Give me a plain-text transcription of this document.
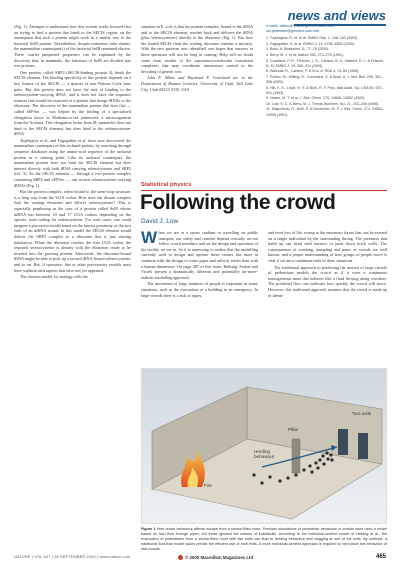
news and views

(Fig. 1). Attempts to understand how this system works focused first on trying to find a protein that binds to the SECIS region, on the assumption that such a protein might work in a similar way to the bacterial SelB protein. Nevertheless, despite numerous false alarms, the mammalian counterpart(s) of the bacterial SelB remained elusive. These 'scarlet pimpernel' properties can be explained by the discovery that, in mammals, the functions of SelB are divided into two proteins.

One protein, called SBP2 (SECIS-binding protein 2), binds the SECIS element. The binding specificity of this protein depends on a key feature of the SECIS — a quartet of non-Watson–Crick base pairs. But this protein does not have the task of binding to the selenocysteine-carrying tRNA, and it does not have the sequence features that would be expected of a protein that brings tRNAs to the ribosome. The discovery of the mammalian protein that does this — called eEFSec — was helped by the finding of a specialized elongation factor in Methanococcus jannaschii, a microorganism from the Archaea. This elongation factor from M. jannaschii does not bind to the SECIS element, but does bind to the selenocysteine-tRNA.

Tujebajeva et al. and Fagegaltier et al. have now discovered the mammalian counterpart of this archaeal protein, by searching through sequence databases using the amino-acid sequence of the archaeal protein as a starting point. Like its archaeal counterpart, the mammalian protein does not bind the SECIS element but does interact directly with both tRNA carrying selenocysteine and SBP2 (ref. 3). So the SECIS element — through a two-protein complex containing SBP2 and eEFSec — can recruit selenocysteine-carrying tRNAs (Fig. 1).

But the protein complex, when bound to the stem-loop structure, is a long way from the UGA codon. How does the distant complex find the waiting ribosome and deliver selenocysteine? This is especially perplexing in the case of a protein called SelP, whose mRNA has between 10 and 17 UGA codons depending on the species, each coding for selenocysteine. For such cases, one could imagine a processive model based on the known proximity of the two ends of an mRNA strand. In this model the SECIS element would deliver the SBP2 complex to a ribosome that is just starting translation. When the ribosome reaches the first UGA codon, the required selenocysteine is already with the ribosome, ready to be inserted into the growing protein. Afterwards, the ribosome-bound tRNA might be able to pick up a second tRNA-bound selenocysteine, and so on. But, if operative, this or other processivity models must have sophisticated aspects that have not yet appeared.

The obvious model, by analogy with the

situation in E. coli, is that the protein complex, bound to the tRNA and to the SECIS element, reaches back and delivers the tRNA (plus selenocysteine) directly to the ribosome (Fig. 1). But how the loaded SECIS finds the waiting ribosome remains a mystery. With the new proteins now identified, one hopes that answers to these questions will not be long in coming. Help will no doubt come from studies of the supramacro-molecular translation complexes that may coordinate interactions central to the decoding of genetic text.

John F. Atkins and Raymond F. Gesteland are in the Department of Human Genetics, University of Utah, Salt Lake City, Utah 84112-5330, USA.

e-mails: atkins@howard.genetics.utah.edu; ray.gesteland@genetics.utah.edu
1. Tujebajeva, R. M. et al. EMBO Rep. 1, 158–163 (2000).
2. Fagegaltier, D. et al. EMBO J. 19, 4796–4805 (2000).
3. Bock, A. Biofactors 11, 77–78 (2000).
4. Berry, M. J. et al. Nature 353, 273–276 (1991).
5. Copeland, P. R., Fletcher, J. E., Carlson, B. A., Hatfield, D. L. & Driscoll, D. M. EMBO J. 19, 306–314 (2000).
6. Walczak, R., Carbon, P. & Krol, A. RNA 4, 74–84 (1998).
7. Rother, M., Wilting, R., Commans, S. & Bock, A. J. Mol. Biol. 299, 351–358 (2000).
8. Hill, K. E., Lloyd, R. S. & Burk, R. F. Proc. Natl Acad. Sci. USA 90, 537–541 (1993).
9. Nasim, M. T. et al. J. Biol. Chem. 275, 14846–14852 (2000).
10. Low, S. C. & Berry, M. J. Trends Biochem. Sci. 21, 203–208 (1996).
11. Stapulionis, R., Kolli, S. & Deutscher, M. P. J. Biol. Chem. 274, 24903–24908 (1997).
Statistical physics
Following the crowd
David J. Low

When we are at a sports stadium or travelling on public transport, our safety and comfort depend crucially on our fellow crowd members and on the design and operation of the facility we are in. So it is unnerving to realize that the modelling currently used to design and operate these venues has more in common with the design of water pipes and railway tracks than with a human dimension. On page 487 of this issue, Helbing, Farkas and Vicsek present a dramatically different and potentially far-more-realistic modelling approach.

The movement of large numbers of people is important in many situations, such as the evacuation of a building in an emergency. In large crowds there is a risk of injury,

and even loss of life, owing to the enormous forces that can be exerted on a single individual by the surrounding throng. The pressures that build up can bend steel barriers or push down brick walls. The consequences of crushing, trampling and panic in crowds are well known, and a proper understanding of how groups of people move is vital if we are to minimize risks in these situations.

The traditional approach to predicting the motion of large crowds of pedestrians models the crowd as if it were a continuous homogeneous mass that behaves like a fluid flowing along corridors. The predicted flow rate indicates how quickly the crowd will move. However, this traditional approach assumes that the crowd is made up of identi-

Two exits
Pillar
Herding behaviour
Fire
Figure 1 How crowd behaviour affects escape from a smoke-filled room. Previous simulations of pedestrian behaviour in crowds have used a model based on fluid flow through pipes, but these ignored the actions of individuals. According to the individual-centred model of Helbing et al., the evacuation of pedestrians from a smoke-filled room with two exits can lead to herding behaviour and clogging at one of the exits. By contrast, a traditional fluid-flow model would predict the efficient use of both exits. A more individual-centred approach is required to reproduce the behaviour of real crowds.
NATURE | VOL 407 | 28 SEPTEMBER 2000 | www.nature.com	© 2000 Macmillan Magazines Ltd	465
